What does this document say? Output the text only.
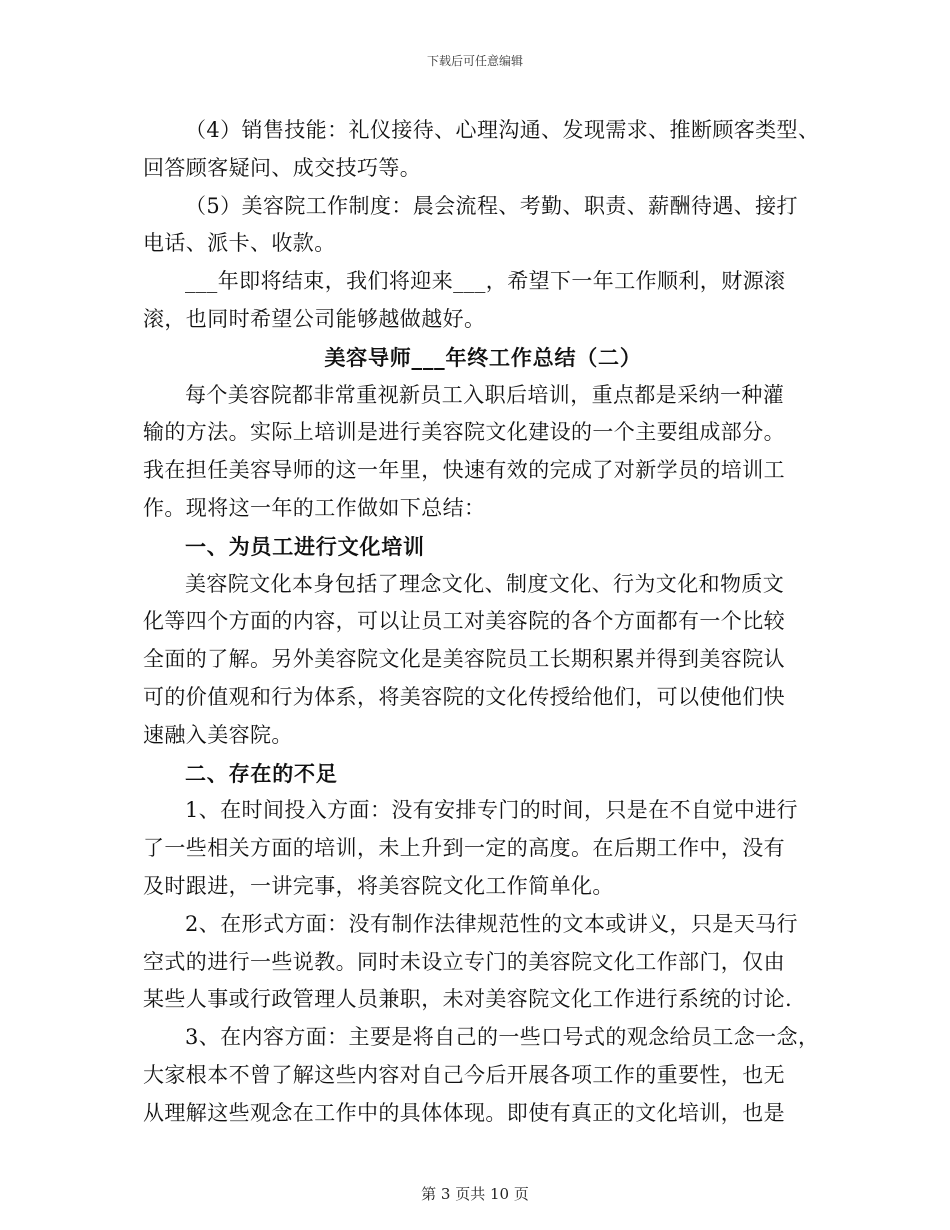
下载后可任意编辑
（4）销售技能：礼仪接待、心理沟通、发现需求、推断顾客类型、
回答顾客疑问、成交技巧等。
（5）美容院工作制度：晨会流程、考勤、职责、薪酬待遇、接打
电话、派卡、收款。
___年即将结束，我们将迎来___，希望下一年工作顺利，财源滚
滚，也同时希望公司能够越做越好。
美容导师___年终工作总结（二）
每个美容院都非常重视新员工入职后培训，重点都是采纳一种灌
输的方法。实际上培训是进行美容院文化建设的一个主要组成部分。
我在担任美容导师的这一年里，快速有效的完成了对新学员的培训工
作。现将这一年的工作做如下总结：
一、为员工进行文化培训
美容院文化本身包括了理念文化、制度文化、行为文化和物质文
化等四个方面的内容，可以让员工对美容院的各个方面都有一个比较
全面的了解。另外美容院文化是美容院员工长期积累并得到美容院认
可的价值观和行为体系，将美容院的文化传授给他们，可以使他们快
速融入美容院。
二、存在的不足
1、在时间投入方面：没有安排专门的时间，只是在不自觉中进行
了一些相关方面的培训，未上升到一定的高度。在后期工作中，没有
及时跟进，一讲完事，将美容院文化工作简单化。
2、在形式方面：没有制作法律规范性的文本或讲义，只是天马行
空式的进行一些说教。同时未设立专门的美容院文化工作部门，仅由
某些人事或行政管理人员兼职，未对美容院文化工作进行系统的讨论.
3、在内容方面：主要是将自己的一些口号式的观念给员工念一念，
大家根本不曾了解这些内容对自己今后开展各项工作的重要性，也无
从理解这些观念在工作中的具体体现。即使有真正的文化培训，也是
第 3 页共 10 页
